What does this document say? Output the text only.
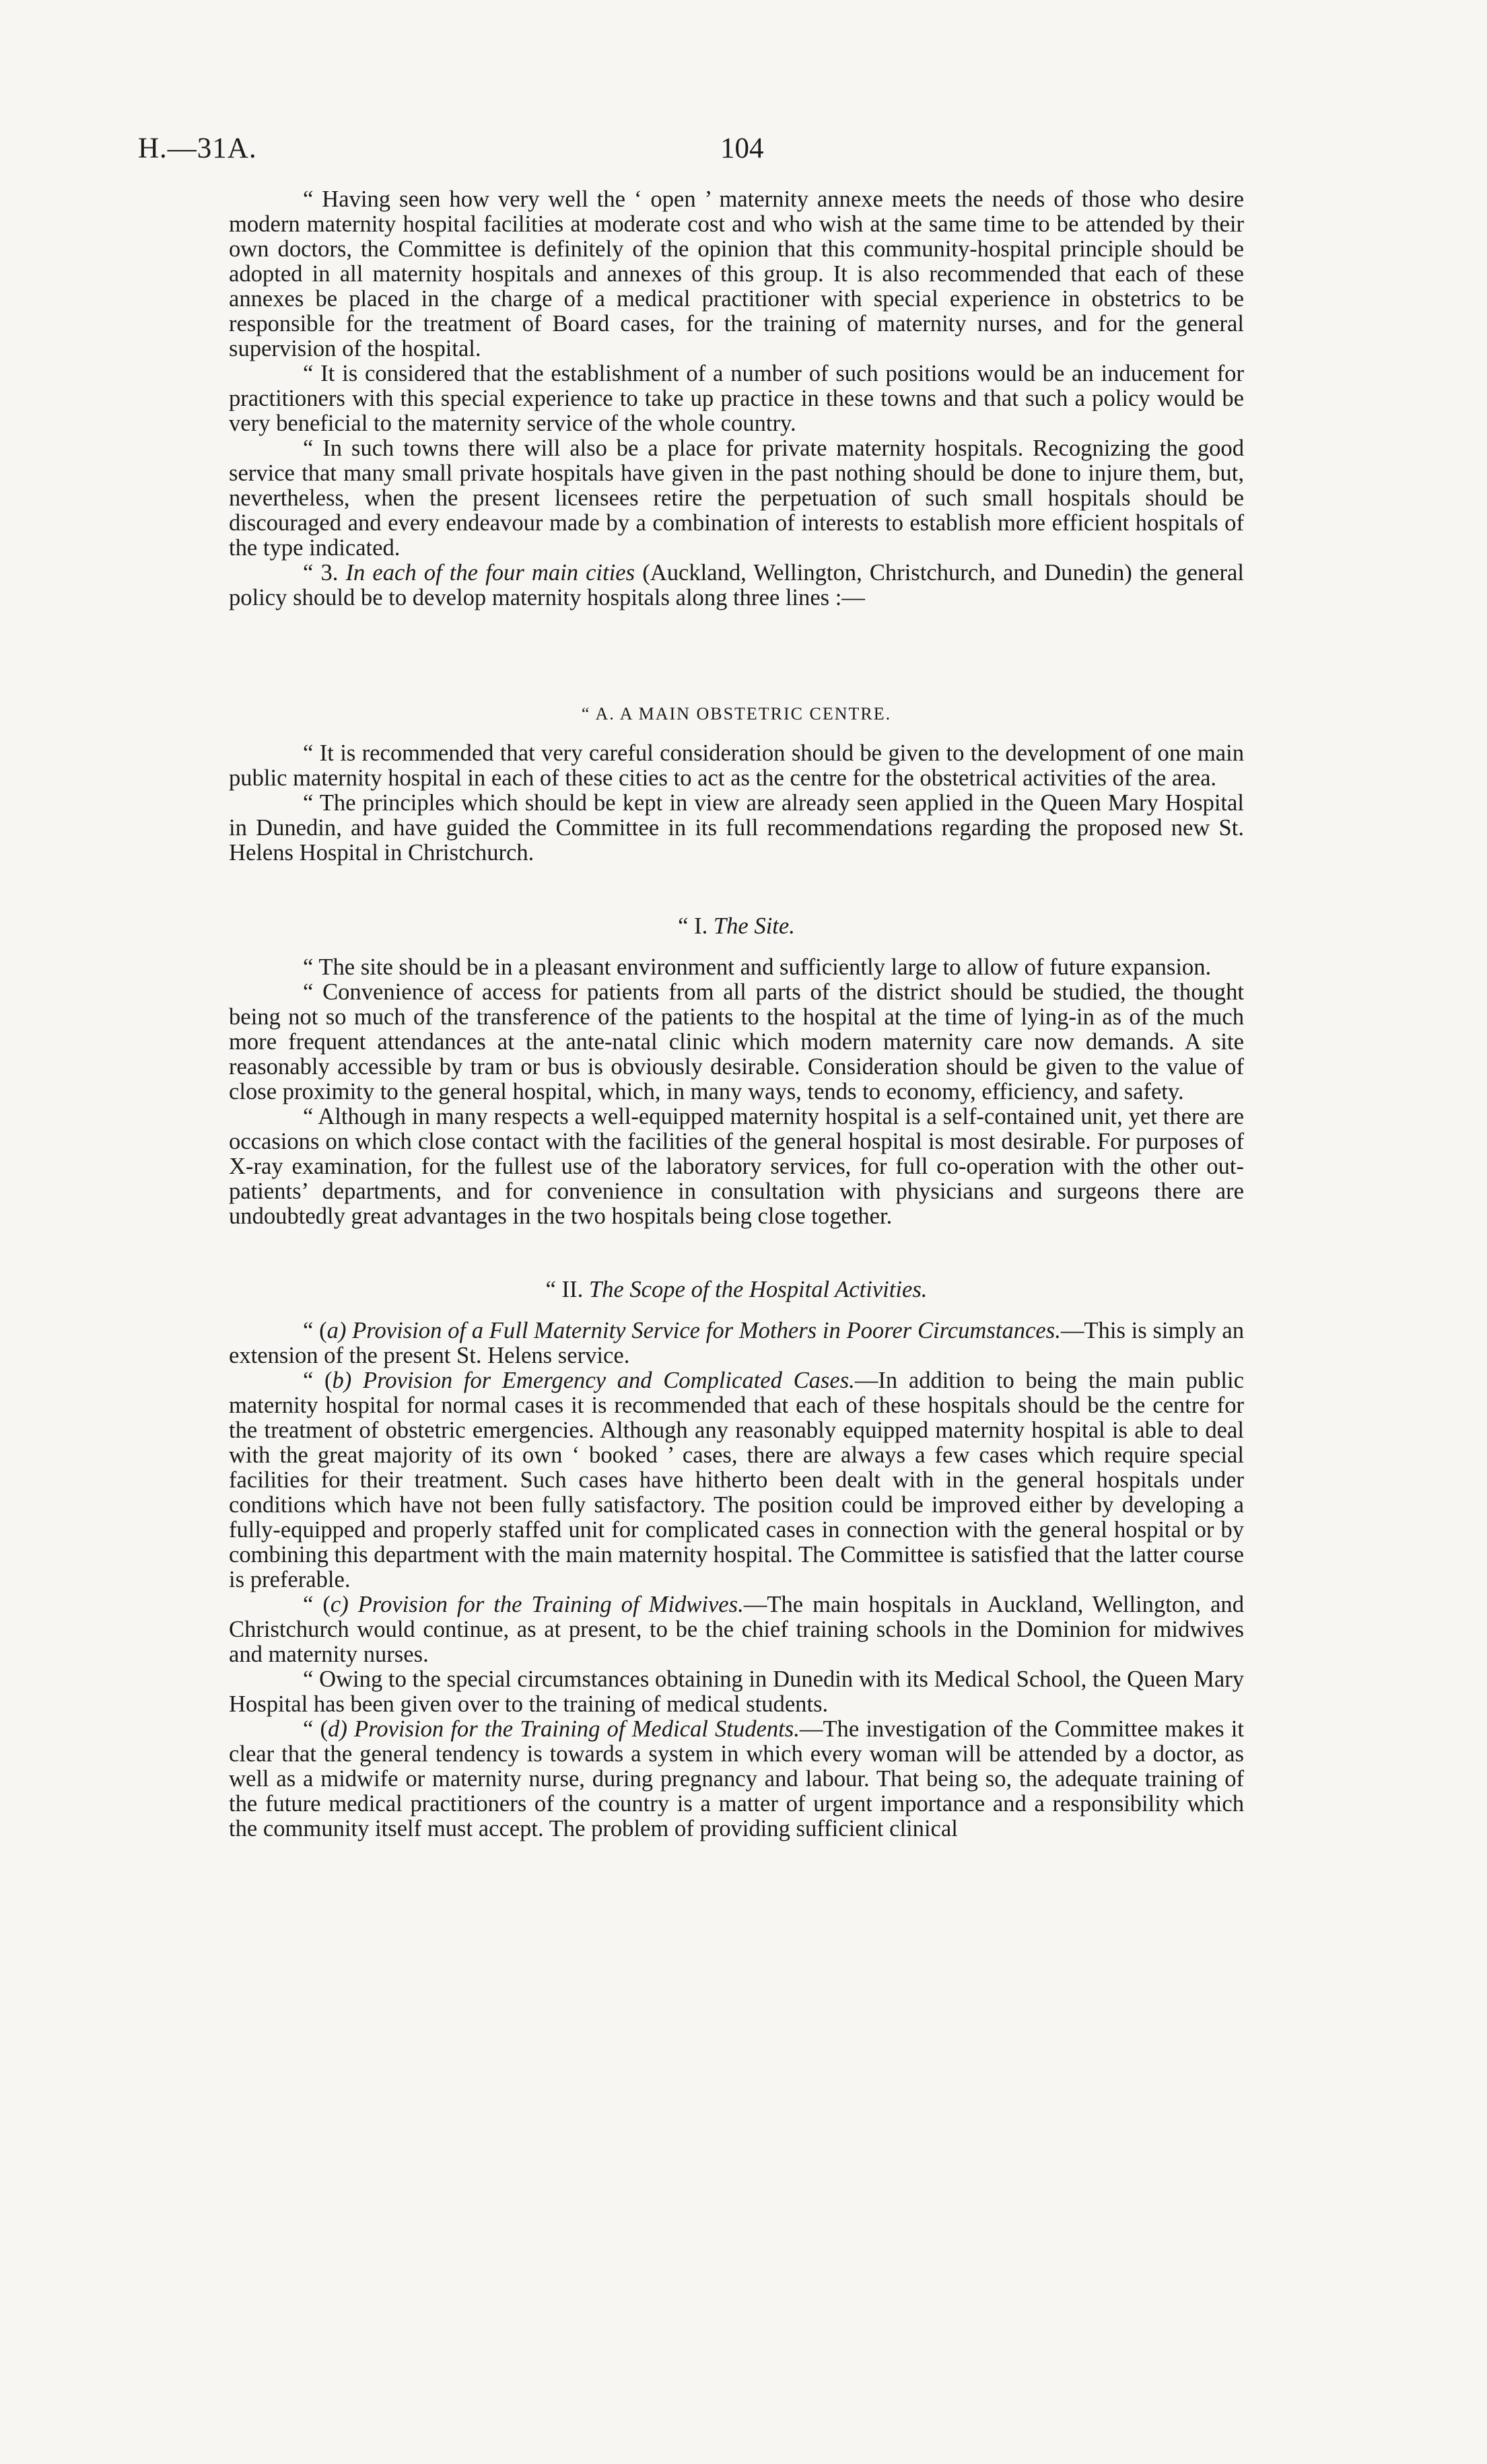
H.—31A.	104

“ Having seen how very well the ‘ open ’ maternity annexe meets the needs of those who desire modern maternity hospital facilities at moderate cost and who wish at the same time to be attended by their own doctors, the Committee is definitely of the opinion that this community-hospital principle should be adopted in all maternity hospitals and annexes of this group. It is also recommended that each of these annexes be placed in the charge of a medical practitioner with special experience in obstetrics to be responsible for the treatment of Board cases, for the training of maternity nurses, and for the general supervision of the hospital.

“ It is considered that the establishment of a number of such positions would be an inducement for practitioners with this special experience to take up practice in these towns and that such a policy would be very beneficial to the maternity service of the whole country.

“ In such towns there will also be a place for private maternity hospitals. Recognizing the good service that many small private hospitals have given in the past nothing should be done to injure them, but, nevertheless, when the present licensees retire the perpetuation of such small hospitals should be discouraged and every endeavour made by a combination of interests to establish more efficient hospitals of the type indicated.

“ 3. In each of the four main cities (Auckland, Wellington, Christchurch, and Dunedin) the general policy should be to develop maternity hospitals along three lines :—

“ A. A MAIN OBSTETRIC CENTRE.

“ It is recommended that very careful consideration should be given to the development of one main public maternity hospital in each of these cities to act as the centre for the obstetrical activities of the area.

“ The principles which should be kept in view are already seen applied in the Queen Mary Hospital in Dunedin, and have guided the Committee in its full recommendations regarding the proposed new St. Helens Hospital in Christchurch.

“ I. The Site.

“ The site should be in a pleasant environment and sufficiently large to allow of future expansion.

“ Convenience of access for patients from all parts of the district should be studied, the thought being not so much of the transference of the patients to the hospital at the time of lying-in as of the much more frequent attendances at the ante-natal clinic which modern maternity care now demands. A site reasonably accessible by tram or bus is obviously desirable. Consideration should be given to the value of close proximity to the general hospital, which, in many ways, tends to economy, efficiency, and safety.

“ Although in many respects a well-equipped maternity hospital is a self-contained unit, yet there are occasions on which close contact with the facilities of the general hospital is most desirable. For purposes of X-ray examination, for the fullest use of the laboratory services, for full co-operation with the other out-patients’ departments, and for convenience in consultation with physicians and surgeons there are undoubtedly great advantages in the two hospitals being close together.

“ II. The Scope of the Hospital Activities.

“ (a) Provision of a Full Maternity Service for Mothers in Poorer Circumstances.—This is simply an extension of the present St. Helens service.

“ (b) Provision for Emergency and Complicated Cases.—In addition to being the main public maternity hospital for normal cases it is recommended that each of these hospitals should be the centre for the treatment of obstetric emergencies. Although any reasonably equipped maternity hospital is able to deal with the great majority of its own ‘ booked ’ cases, there are always a few cases which require special facilities for their treatment. Such cases have hitherto been dealt with in the general hospitals under conditions which have not been fully satisfactory. The position could be improved either by developing a fully-equipped and properly staffed unit for complicated cases in connection with the general hospital or by combining this department with the main maternity hospital. The Committee is satisfied that the latter course is preferable.

“ (c) Provision for the Training of Midwives.—The main hospitals in Auckland, Wellington, and Christchurch would continue, as at present, to be the chief training schools in the Dominion for midwives and maternity nurses.

“ Owing to the special circumstances obtaining in Dunedin with its Medical School, the Queen Mary Hospital has been given over to the training of medical students.

“ (d) Provision for the Training of Medical Students.—The investigation of the Committee makes it clear that the general tendency is towards a system in which every woman will be attended by a doctor, as well as a midwife or maternity nurse, during pregnancy and labour. That being so, the adequate training of the future medical practitioners of the country is a matter of urgent importance and a responsibility which the community itself must accept. The problem of providing sufficient clinical
